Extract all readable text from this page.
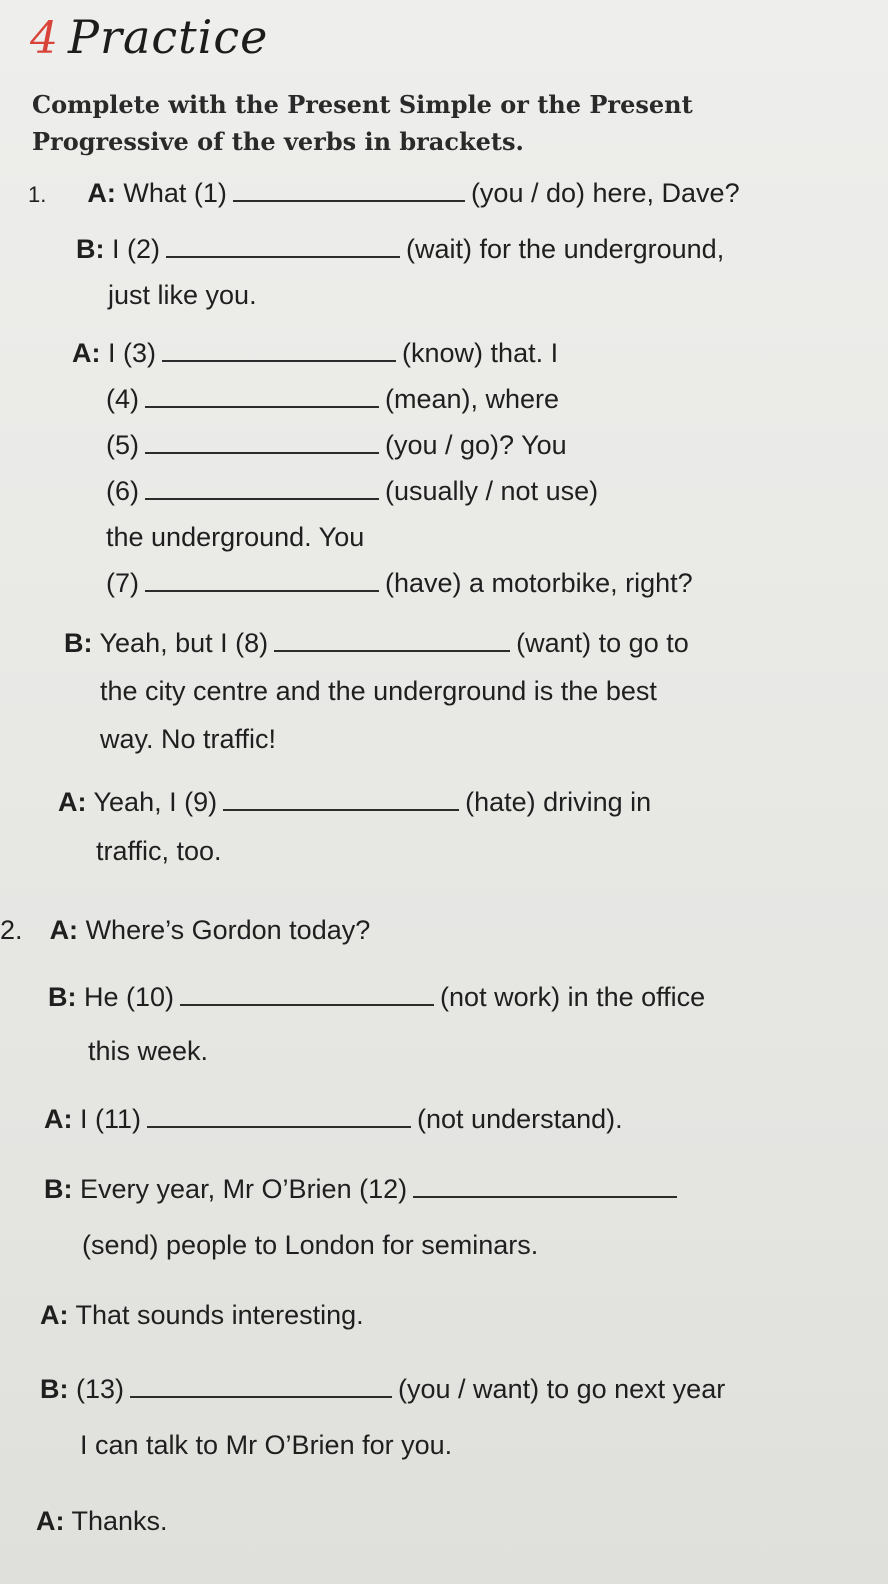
4 Practice
Complete with the Present Simple or the Present
Progressive of the verbs in brackets.
1. A: What (1)	(you / do) here, Dave?
B: I (2)	(wait) for the underground,
just like you.
A: I (3)	(know) that. I
(4)	(mean), where
(5)	(you / go)? You
(6)	(usually / not use)
the underground. You
(7)	(have) a motorbike, right?
B: Yeah, but I (8)	(want) to go to
the city centre and the underground is the best
way. No traffic!
A: Yeah, I (9)	(hate) driving in
traffic, too.
2. A: Where’s Gordon today?
B: He (10)	(not work) in the office
this week.
A: I (11)	(not understand).
B: Every year, Mr O’Brien (12)
(send) people to London for seminars.
A: That sounds interesting.
B: (13)	(you / want) to go next year
I can talk to Mr O’Brien for you.
A: Thanks.
